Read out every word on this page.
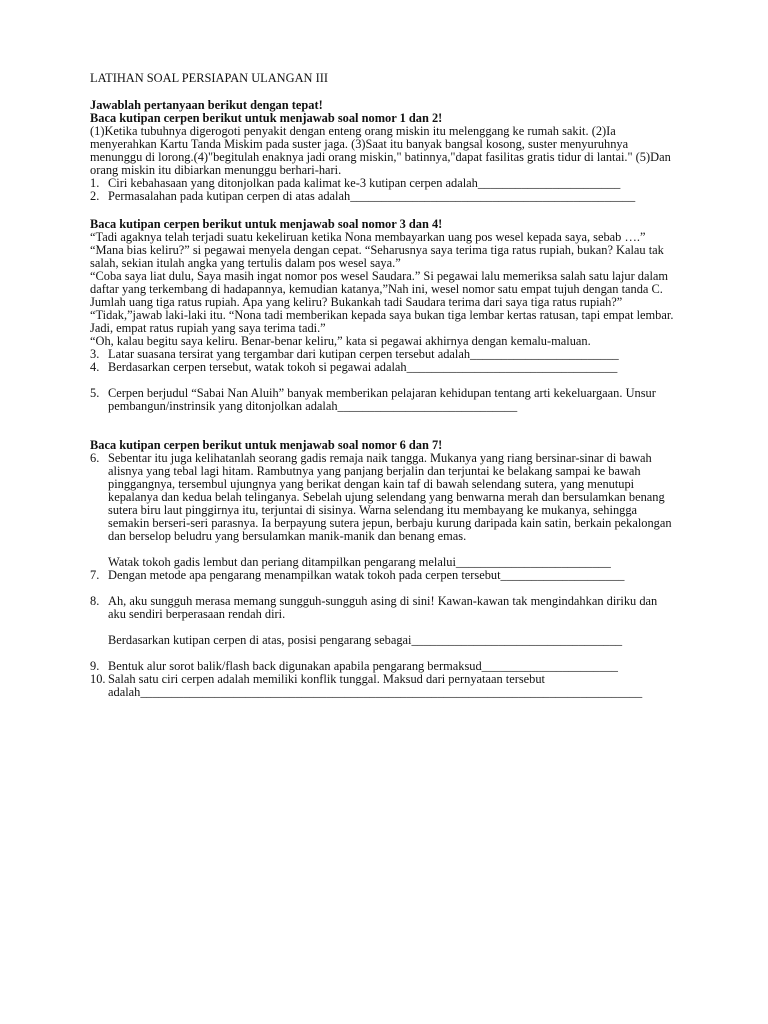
LATIHAN SOAL PERSIAPAN ULANGAN III

Jawablah pertanyaan berikut dengan tepat!

Baca kutipan cerpen berikut untuk menjawab soal nomor 1 dan 2!

(1)Ketika tubuhnya digerogoti penyakit dengan enteng orang miskin itu melenggang ke rumah sakit. (2)Ia menyerahkan Kartu Tanda Miskim pada suster jaga. (3)Saat itu banyak bangsal kosong, suster menyuruhnya menunggu di lorong.(4)"begitulah enaknya jadi orang miskin," batinnya,"dapat fasilitas gratis tidur di lantai." (5)Dan orang miskin itu dibiarkan menunggu berhari-hari.

1. Ciri kebahasaan yang ditonjolkan pada kalimat ke-3 kutipan cerpen adalah_______________________
2. Permasalahan pada kutipan cerpen di atas adalah______________________________________________

Baca kutipan cerpen berikut untuk menjawab soal nomor 3 dan 4!

“Tadi agaknya telah terjadi suatu kekeliruan ketika Nona membayarkan uang pos wesel kepada saya, sebab ….”

“Mana bias keliru?” si pegawai menyela dengan cepat. “Seharusnya saya terima tiga ratus rupiah, bukan? Kalau tak salah, sekian itulah angka yang tertulis dalam pos wesel saya.”

“Coba saya liat dulu, Saya masih ingat nomor pos wesel Saudara.” Si pegawai lalu memeriksa salah satu lajur dalam daftar yang terkembang di hadapannya, kemudian katanya,”Nah ini, wesel nomor satu empat tujuh dengan tanda C. Jumlah uang tiga ratus rupiah. Apa yang keliru? Bukankah tadi Saudara terima dari saya tiga ratus rupiah?”

“Tidak,”jawab laki-laki itu. “Nona tadi memberikan kepada saya bukan tiga lembar kertas ratusan, tapi empat lembar. Jadi, empat ratus rupiah yang saya terima tadi.”

“Oh, kalau begitu saya keliru. Benar-benar keliru,” kata si pegawai akhirnya dengan kemalu-maluan.

3. Latar suasana tersirat yang tergambar dari kutipan cerpen tersebut adalah________________________
4. Berdasarkan cerpen tersebut, watak tokoh si pegawai adalah__________________________________
5. Cerpen berjudul “Sabai Nan Aluih” banyak memberikan pelajaran kehidupan tentang arti kekeluargaan. Unsur pembangun/instrinsik yang ditonjolkan adalah_____________________________

Baca kutipan cerpen berikut untuk menjawab soal nomor 6 dan 7!

6. Sebentar itu juga kelihatanlah seorang gadis remaja naik tangga. Mukanya yang riang bersinar-sinar di bawah alisnya yang tebal lagi hitam. Rambutnya yang panjang berjalin dan terjuntai ke belakang sampai ke bawah pinggangnya, tersembul ujungnya yang berikat dengan kain taf di bawah selendang sutera, yang menutupi kepalanya dan kedua belah telinganya. Sebelah ujung selendang yang benwarna merah dan bersulamkan benang sutera biru laut pinggirnya itu, terjuntai di sisinya. Warna selendang itu membayang ke mukanya, sehingga semakin berseri-seri parasnya. Ia berpayung sutera jepun, berbaju kurung daripada kain satin, berkain pekalongan dan berselop beludru yang bersulamkan manik-manik dan benang emas.

Watak tokoh gadis lembut dan periang ditampilkan pengarang melalui_________________________

7. Dengan metode apa pengarang menampilkan watak tokoh pada cerpen tersebut____________________
8. Ah, aku sungguh merasa memang sungguh-sungguh asing di sini! Kawan-kawan tak mengindahkan diriku dan aku sendiri berperasaan rendah diri.

Berdasarkan kutipan cerpen di atas, posisi pengarang sebagai__________________________________

9. Bentuk alur sorot balik/flash back digunakan apabila pengarang bermaksud______________________
10. Salah satu ciri cerpen adalah memiliki konflik tunggal. Maksud dari pernyataan tersebut adalah_________________________________________________________________________________
